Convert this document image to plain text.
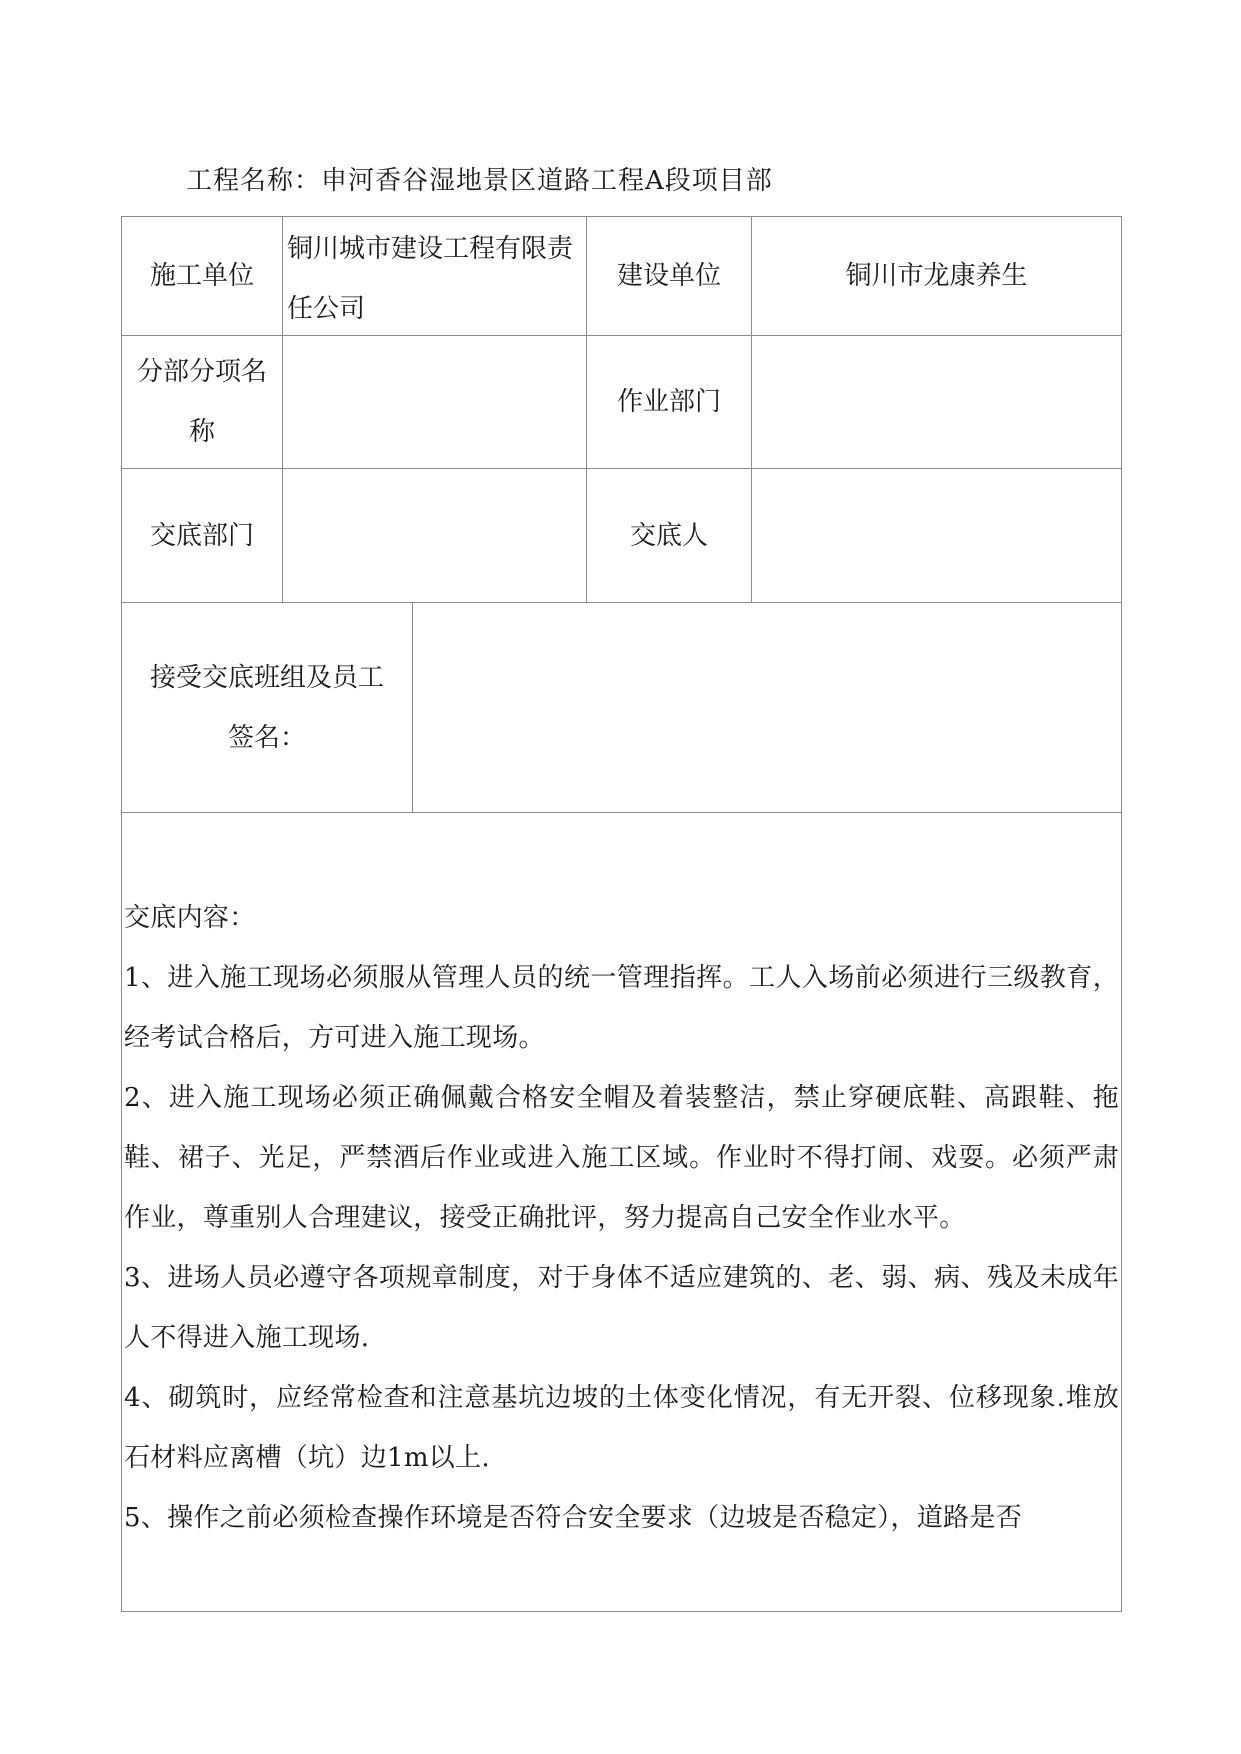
工程名称：申河香谷湿地景区道路工程A段项目部
施工单位
铜川城市建设工程有限责任公司
建设单位	铜川市龙康养生
分部分项名称
作业部门
交底部门	交底人
接受交底班组及员工
签名：

交底内容：

1、进入施工现场必须服从管理人员的统一管理指挥。工人入场前必须进行三级教育，经考试合格后，方可进入施工现场。

2、进入施工现场必须正确佩戴合格安全帽及着装整洁，禁止穿硬底鞋、高跟鞋、拖鞋、裙子、光足，严禁酒后作业或进入施工区域。作业时不得打闹、戏耍。必须严肃作业，尊重别人合理建议，接受正确批评，努力提高自己安全作业水平。

3、进场人员必遵守各项规章制度，对于身体不适应建筑的、老、弱、病、残及未成年人不得进入施工现场.

4、砌筑时，应经常检查和注意基坑边坡的土体变化情况，有无开裂、位移现象.堆放石材料应离槽（坑）边1m以上.

5、操作之前必须检查操作环境是否符合安全要求（边坡是否稳定），道路是否
